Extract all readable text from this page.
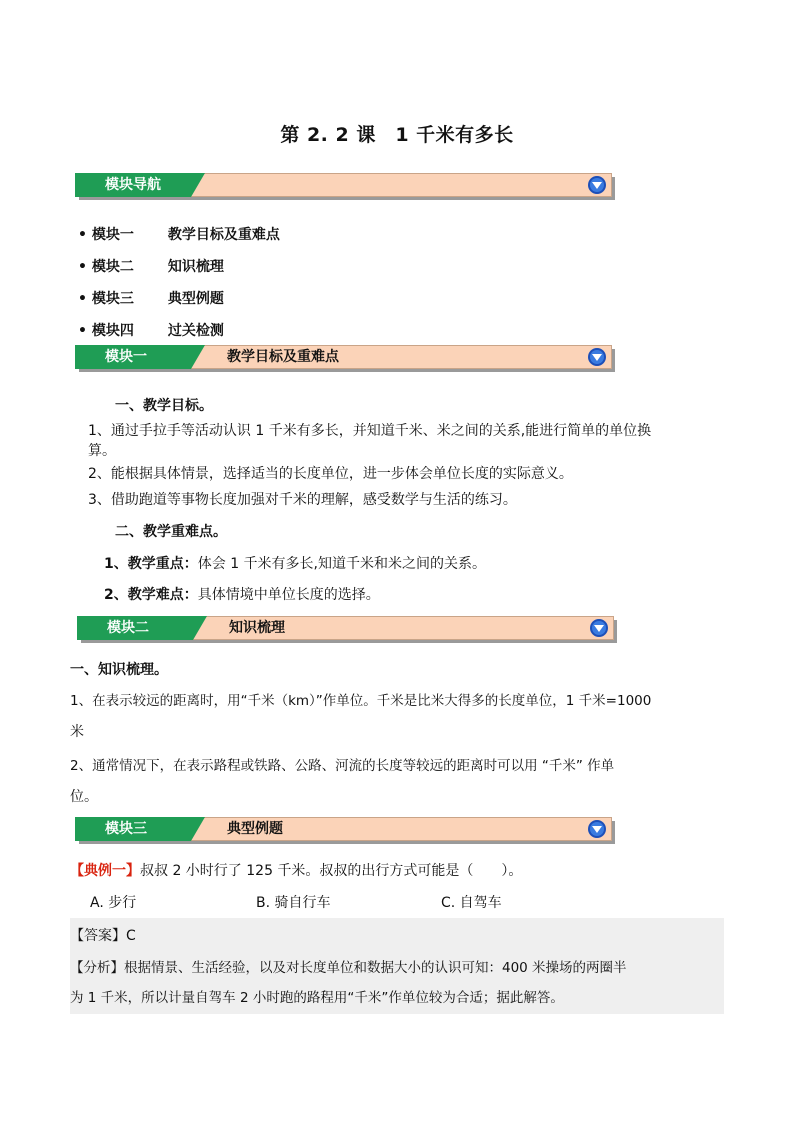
第 2. 2 课　1 千米有多长
模块导航
• 模块一　 教学目标及重难点
• 模块二　 知识梳理
• 模块三　 典型例题
• 模块四　 过关检测
模块一	教学目标及重难点
一、教学目标。
1、通过手拉手等活动认识 1 千米有多长，并知道千米、米之间的关系,能进行简单的单位换
算。
2、能根据具体情景，选择适当的长度单位，进一步体会单位长度的实际意义。
3、借助跑道等事物长度加强对千米的理解，感受数学与生活的练习。
二、教学重难点。
1、教学重点：体会 1 千米有多长,知道千米和米之间的关系。
2、教学难点：具体情境中单位长度的选择。
模块二	知识梳理
一、知识梳理。
1、在表示较远的距离时，用“千米（km）”作单位。千米是比米大得多的长度单位，1 千米=1000
米
2、通常情况下，在表示路程或铁路、公路、河流的长度等较远的距离时可以用 “千米” 作单
位。
模块三	典型例题
【典例一】叔叔 2 小时行了 125 千米。叔叔的出行方式可能是（　　）。
A. 步行	B. 骑自行车	C. 自驾车
【答案】C
【分析】根据情景、生活经验，以及对长度单位和数据大小的认识可知：400 米操场的两圈半
为 1 千米，所以计量自驾车 2 小时跑的路程用“千米”作单位较为合适；据此解答。
